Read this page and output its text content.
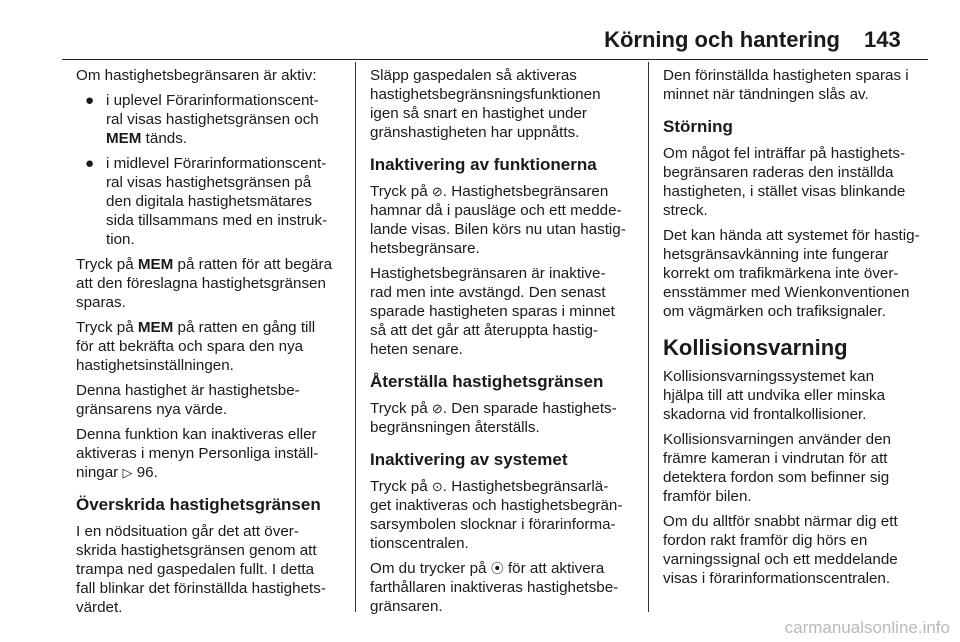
Körning och hantering 143

Om hastighetsbegränsaren är aktiv:

● i uplevel Förarinformationscent-
ral visas hastighetsgränsen och
MEM tänds.
● i midlevel Förarinformationscent-
ral visas hastighetsgränsen på
den digitala hastighetsmätares
sida tillsammans med en instruk-
tion.

Tryck på MEM på ratten för att begära
att den föreslagna hastighetsgränsen
sparas.

Tryck på MEM på ratten en gång till
för att bekräfta och spara den nya
hastighetsinställningen.

Denna hastighet är hastighetsbe-
gränsarens nya värde.

Denna funktion kan inaktiveras eller
aktiveras i menyn Personliga inställ-
ningar ▷ 96.

Överskrida hastighetsgränsen

I en nödsituation går det att över-
skrida hastighetsgränsen genom att
trampa ned gaspedalen fullt. I detta
fall blinkar det förinställda hastighets-
värdet.

Släpp gaspedalen så aktiveras
hastighetsbegränsningsfunktionen
igen så snart en hastighet under
gränshastigheten har uppnåtts.

Inaktivering av funktionerna

Tryck på ⊘. Hastighetsbegränsaren
hamnar då i pausläge och ett medde-
lande visas. Bilen körs nu utan hastig-
hetsbegränsare.

Hastighetsbegränsaren är inaktive-
rad men inte avstängd. Den senast
sparade hastigheten sparas i minnet
så att det går att återuppta hastig-
heten senare.

Återställa hastighetsgränsen

Tryck på ⊘. Den sparade hastighets-
begränsningen återställs.

Inaktivering av systemet

Tryck på ⊙. Hastighetsbegränsarlä-
get inaktiveras och hastighetsbegrän-
sarsymbolen slocknar i förarinforma-
tionscentralen.

Om du trycker på ⦿ för att aktivera
farthållaren inaktiveras hastighetsbe-
gränsaren.

Den förinställda hastigheten sparas i
minnet när tändningen slås av.

Störning

Om något fel inträffar på hastighets-
begränsaren raderas den inställda
hastigheten, i stället visas blinkande
streck.

Det kan hända att systemet för hastig-
hetsgränsavkänning inte fungerar
korrekt om trafikmärkena inte över-
ensstämmer med Wienkonventionen
om vägmärken och trafiksignaler.

Kollisionsvarning

Kollisionsvarningssystemet kan
hjälpa till att undvika eller minska
skadorna vid frontalkollisioner.

Kollisionsvarningen använder den
främre kameran i vindrutan för att
detektera fordon som befinner sig
framför bilen.

Om du alltför snabbt närmar dig ett
fordon rakt framför dig hörs en
varningssignal och ett meddelande
visas i förarinformationscentralen.

carmanualsonline.info
